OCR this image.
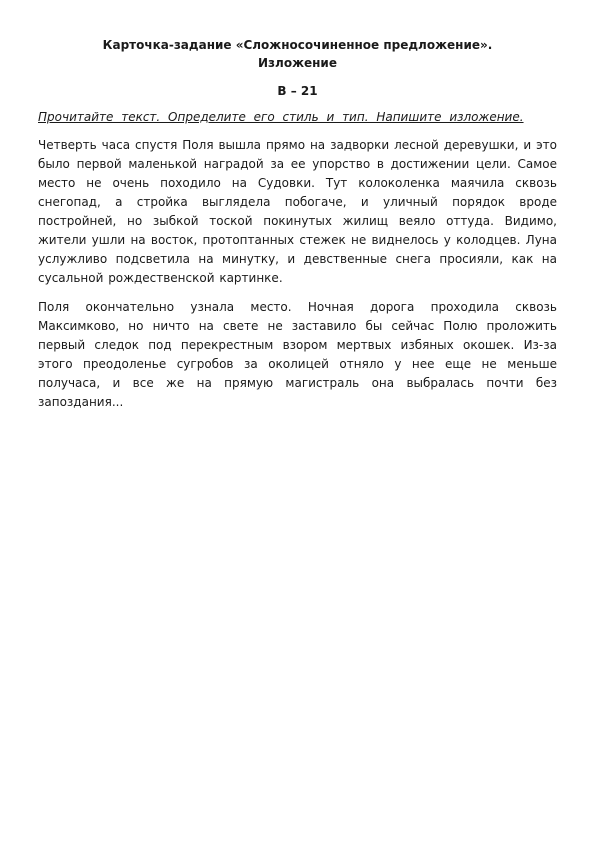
Карточка-задание «Сложносочиненное предложение».
Изложение

В – 21

Прочитайте текст. Определите его стиль и тип. Напишите изложение.

Четверть часа спустя Поля вышла прямо на задворки лесной деревушки, и это было первой маленькой наградой за ее упорство в достижении цели. Самое место не очень походило на Судовки. Тут колоколенка маячила сквозь снегопад, а стройка выглядела побогаче, и уличный порядок вроде постройней, но зыбкой тоской покинутых жилищ веяло оттуда. Видимо, жители ушли на восток, протоптанных стежек не виднелось у колодцев. Луна услужливо подсветила на минутку, и девственные снега просияли, как на сусальной рождественской картинке.

Поля окончательно узнала место. Ночная дорога проходила сквозь Максимково, но ничто на свете не заставило бы сейчас Полю проложить первый следок под перекрестным взором мертвых избяных окошек. Из-за этого преодоленье сугробов за околицей отняло у нее еще не меньше получаса, и все же на прямую магистраль она выбралась почти без запоздания...
